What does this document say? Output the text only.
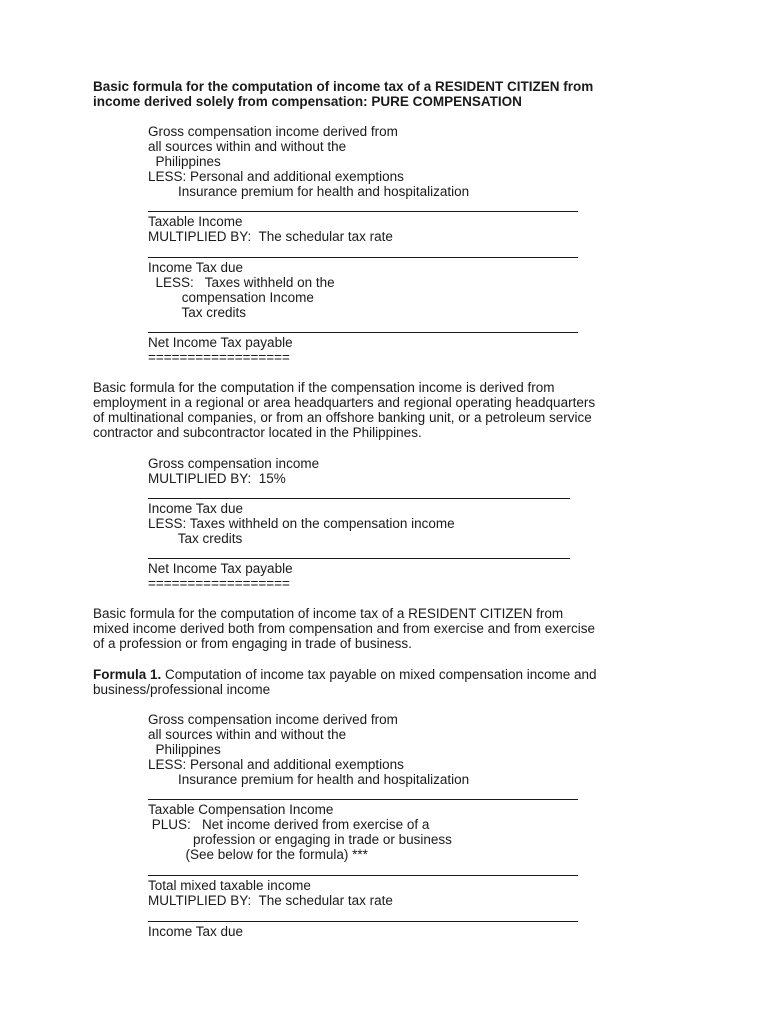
Basic formula for the computation of income tax of a RESIDENT CITIZEN from
income derived solely from compensation: PURE COMPENSATION
Gross compensation income derived from
all sources within and without the
Philippines
LESS: Personal and additional exemptions
Insurance premium for health and hospitalization
Taxable Income
MULTIPLIED BY:  The schedular tax rate
Income Tax due
LESS:   Taxes withheld on the
compensation Income
Tax credits
Net Income Tax payable
==================
Basic formula for the computation if the compensation income is derived from
employment in a regional or area headquarters and regional operating headquarters
of multinational companies, or from an offshore banking unit, or a petroleum service
contractor and subcontractor located in the Philippines.
Gross compensation income
MULTIPLIED BY:  15%
Income Tax due
LESS: Taxes withheld on the compensation income
Tax credits
Net Income Tax payable
==================
Basic formula for the computation of income tax of a RESIDENT CITIZEN from
mixed income derived both from compensation and from exercise and from exercise
of a profession or from engaging in trade of business.
Formula 1. Computation of income tax payable on mixed compensation income and
business/professional income
Gross compensation income derived from
all sources within and without the
Philippines
LESS: Personal and additional exemptions
Insurance premium for health and hospitalization
Taxable Compensation Income
PLUS:   Net income derived from exercise of a
profession or engaging in trade or business
(See below for the formula) ***
Total mixed taxable income
MULTIPLIED BY:  The schedular tax rate
Income Tax due
